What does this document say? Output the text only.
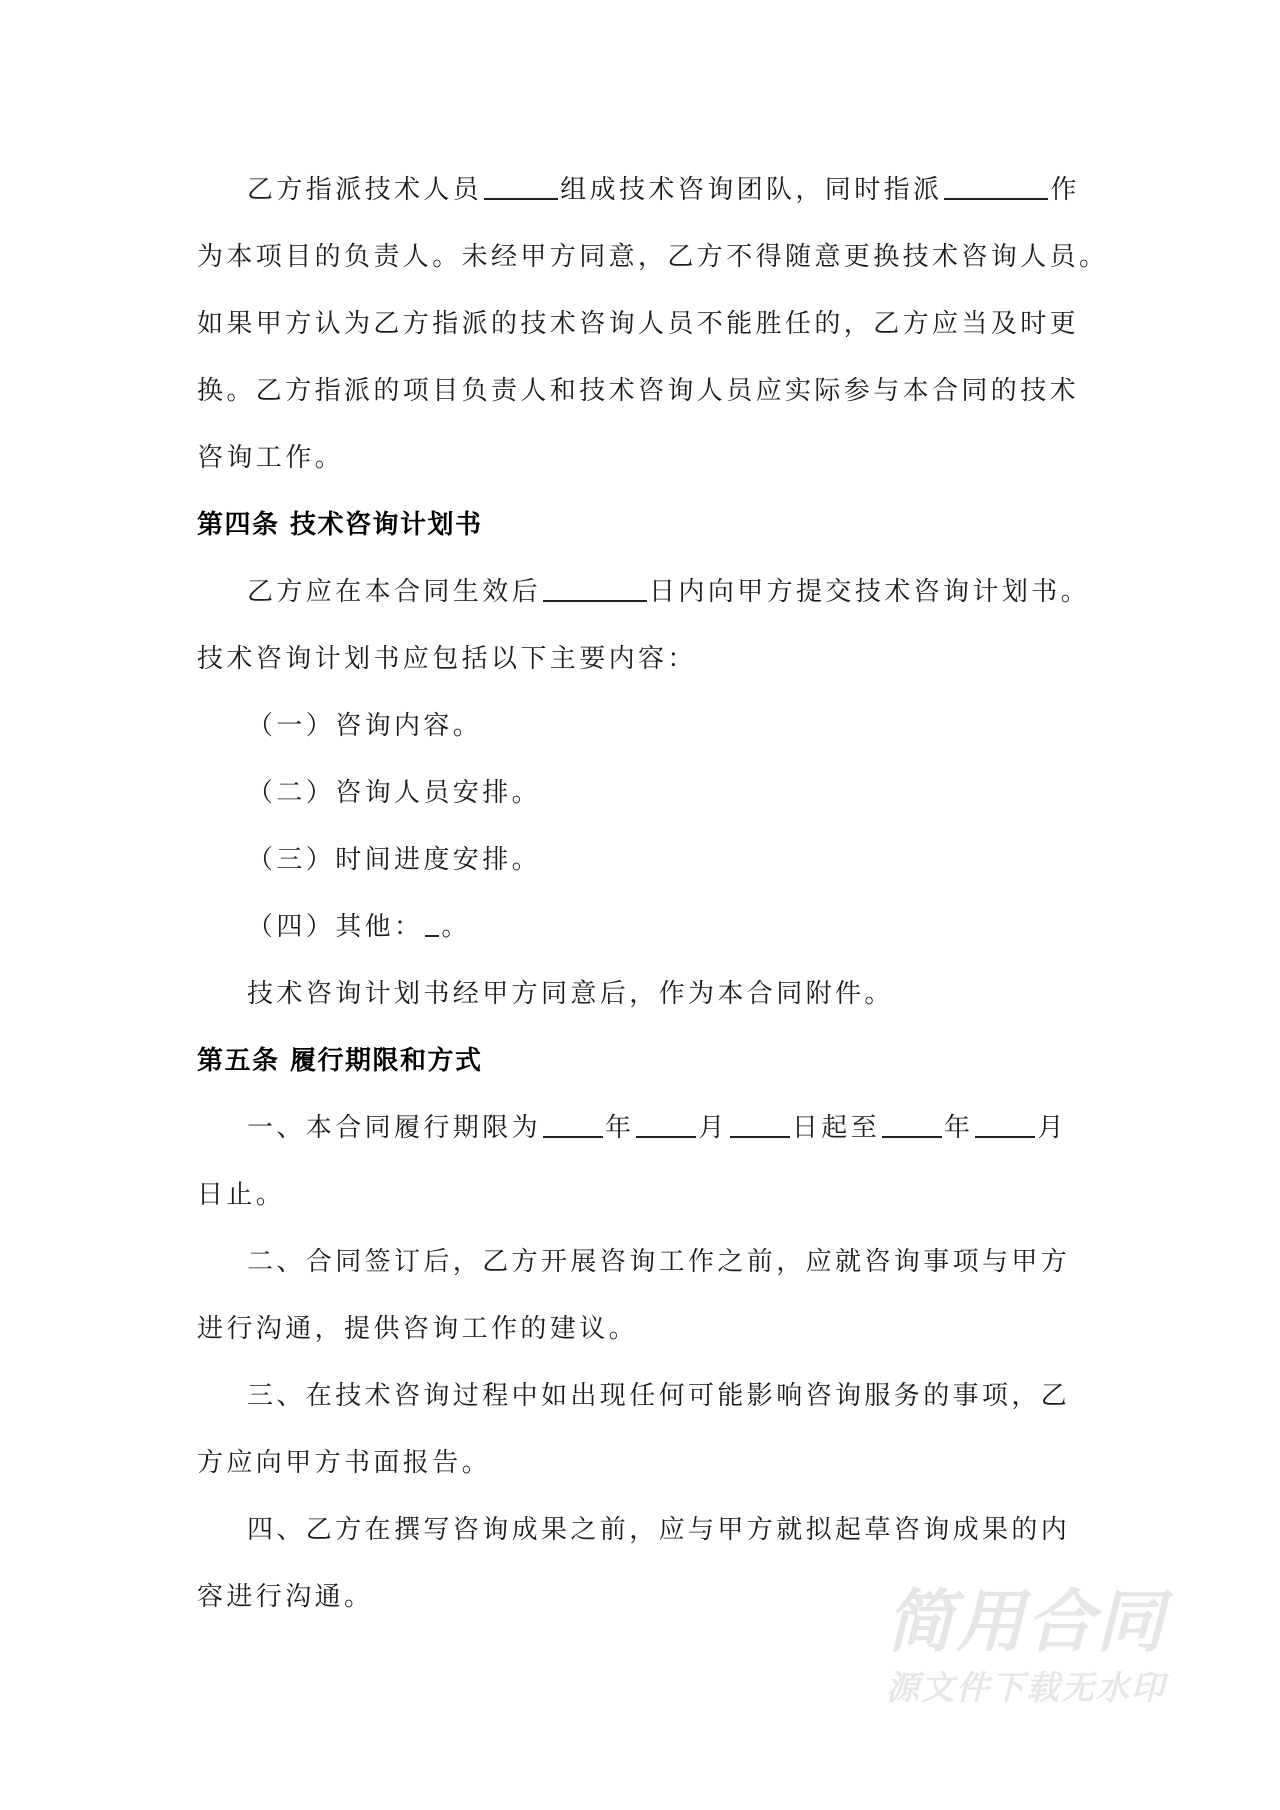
乙方指派技术人员	组成技术咨询团队，同时指派	作
为本项目的负责人。未经甲方同意，乙方不得随意更换技术咨询人员。
如果甲方认为乙方指派的技术咨询人员不能胜任的，乙方应当及时更
换。乙方指派的项目负责人和技术咨询人员应实际参与本合同的技术
咨询工作。
第四条 技术咨询计划书
乙方应在本合同生效后	日内向甲方提交技术咨询计划书。
技术咨询计划书应包括以下主要内容：
（一）咨询内容。
（二）咨询人员安排。
（三）时间进度安排。
（四）其他： 。
技术咨询计划书经甲方同意后，作为本合同附件。
第五条 履行期限和方式
一、本合同履行期限为 年 月 日起至 年 月
日止。
二、合同签订后，乙方开展咨询工作之前，应就咨询事项与甲方
进行沟通，提供咨询工作的建议。
三、在技术咨询过程中如出现任何可能影响咨询服务的事项，乙
方应向甲方书面报告。
四、乙方在撰写咨询成果之前，应与甲方就拟起草咨询成果的内
容进行沟通。	简用合同
源文件下载无水印
